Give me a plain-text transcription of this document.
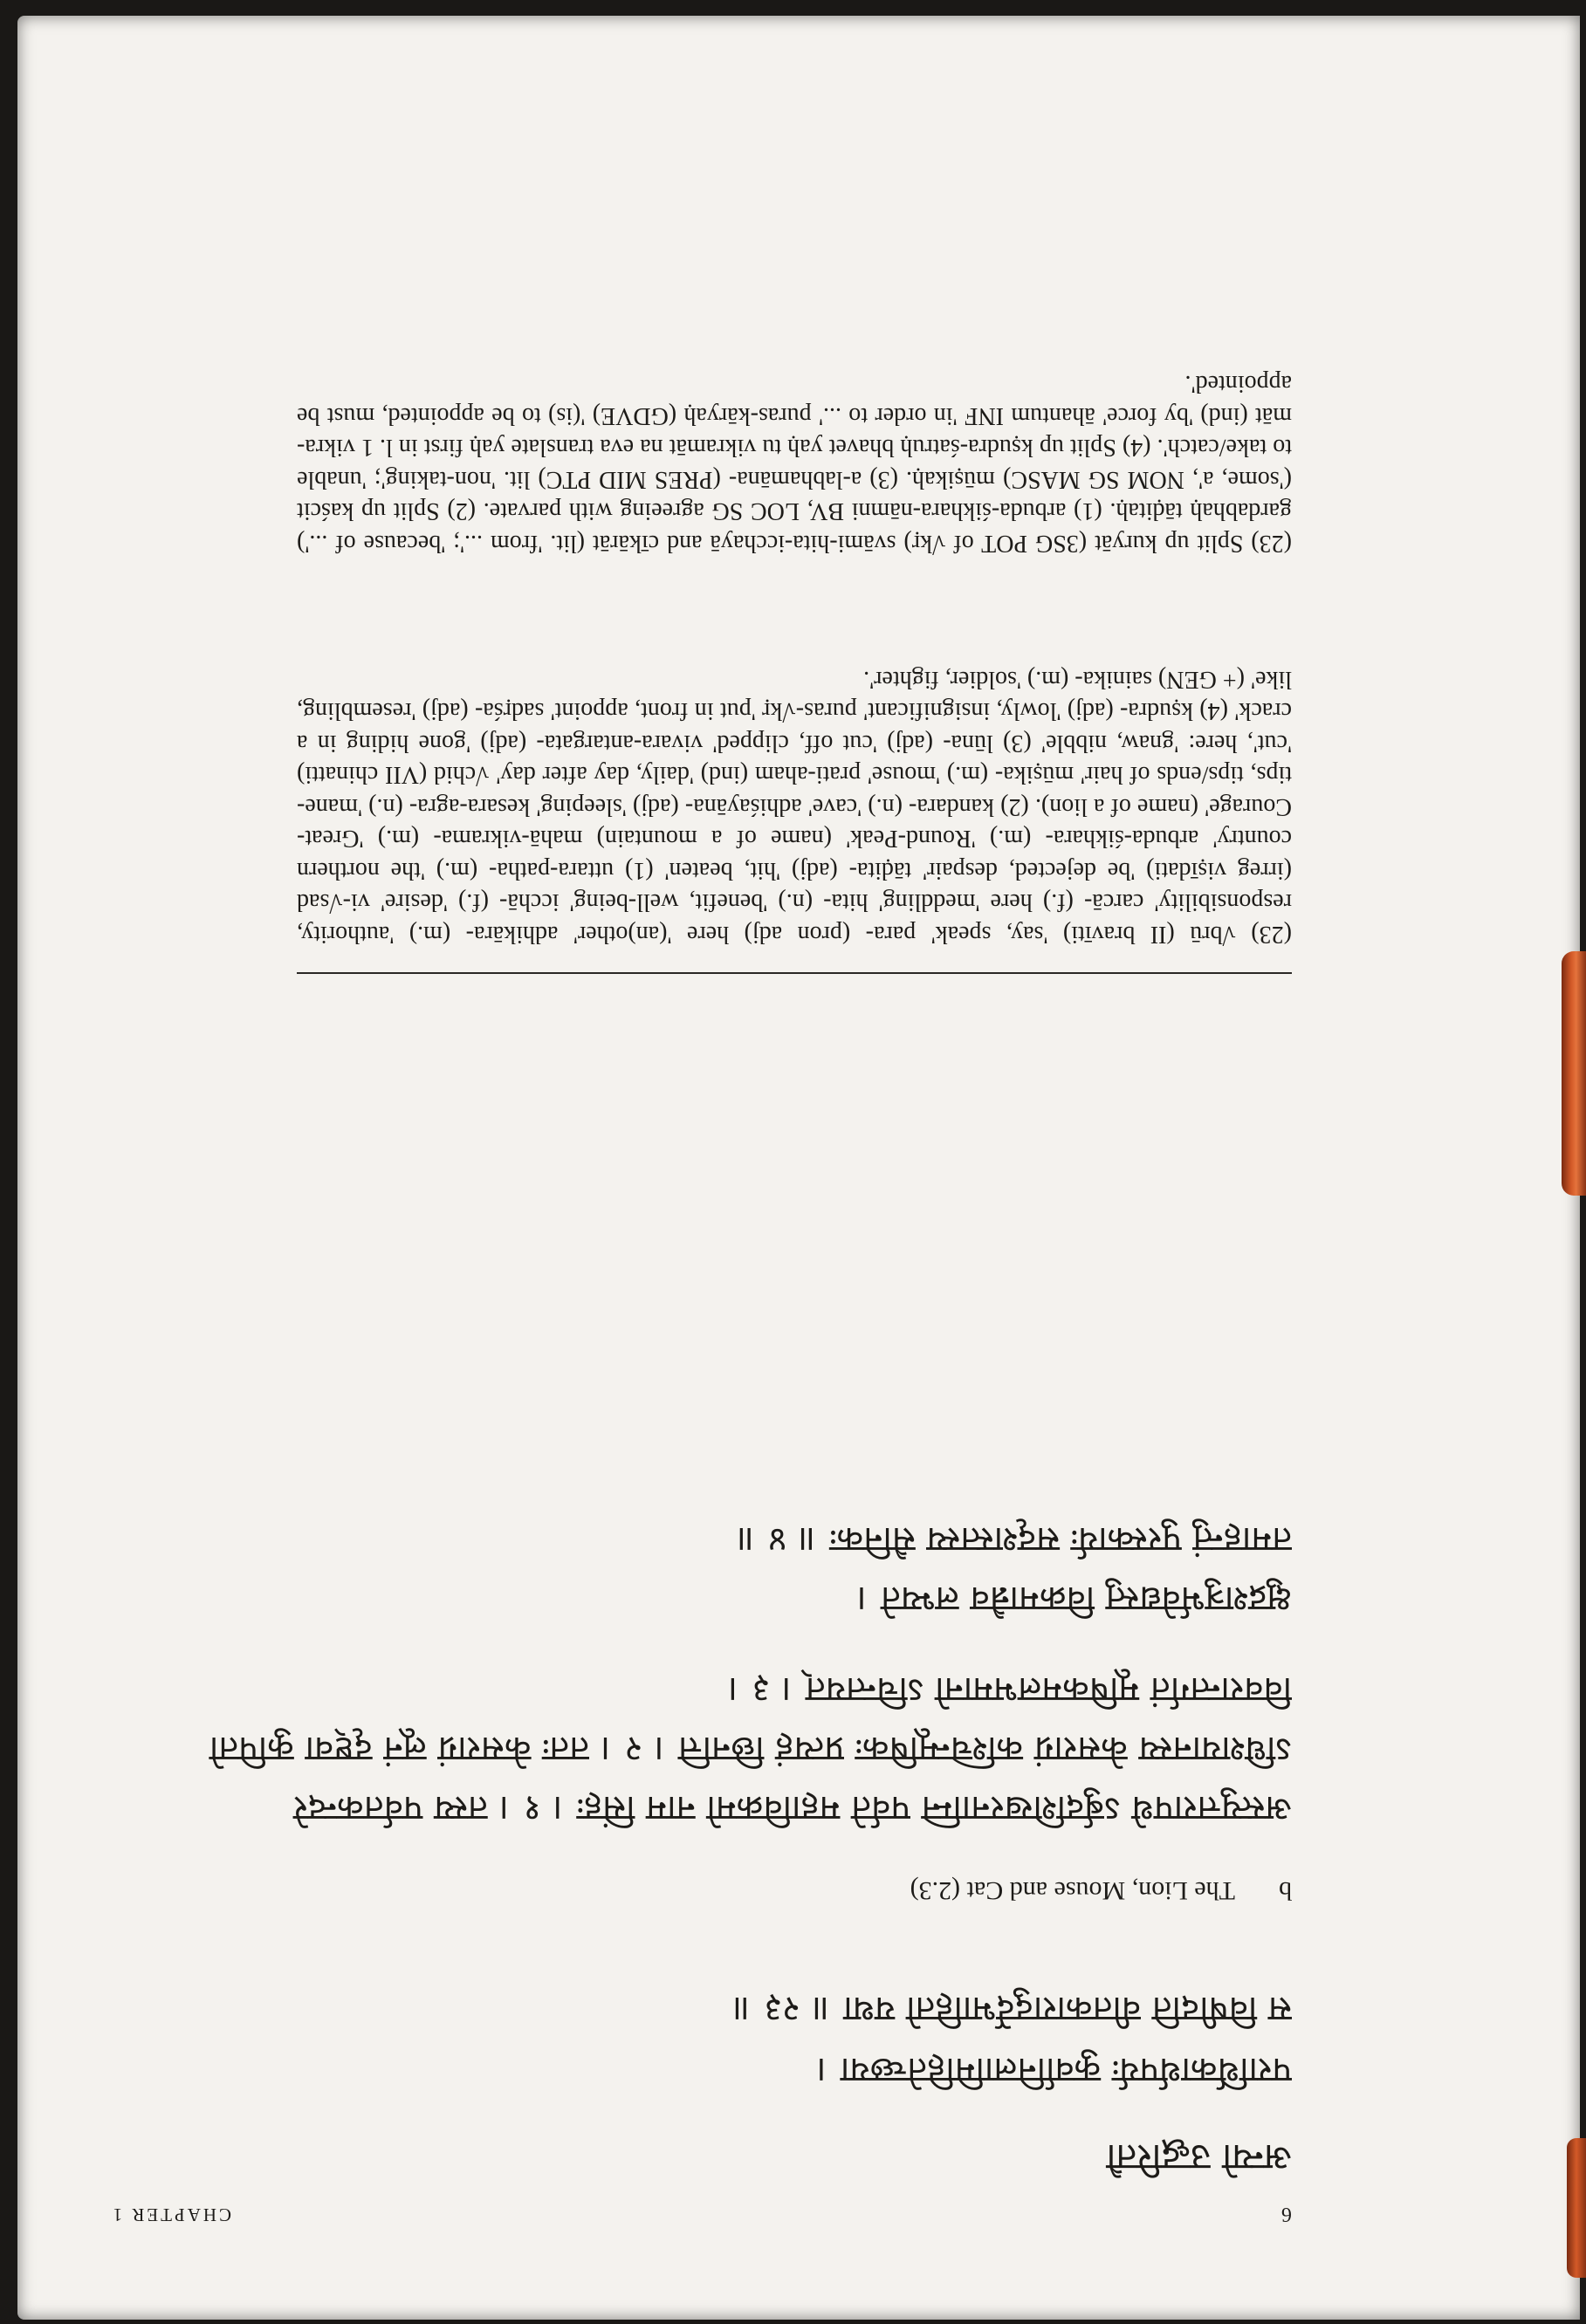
6
CHAPTER 1
अन्यो उद्धरितौ
परार्थिकार्थपर्यः कुर्वानिलामिहितेच्छया ।
स विषीदति वीतकारादुर्देभाहितो यथा ॥ २३ ॥
b
The Lion, Mouse and Cat (2.3)
अस्त्युत्तरापथे ऽर्बुदशिखरनाम्नि पर्वते महाविक्रमो नाम सिंहः । १ । तस्य पर्वतकन्दरे
ऽधिशयानस्य केसराग्रं कश्चिन्मूषिकः प्रत्यहं छिनत्ति । २ । ततः केसराग्रं लूनं दृष्ट्वा कुपितो
विवरान्तर्गतं मूषिकमलभमानो ऽचिन्तयत् । ३ ।
क्षुद्रशत्रुर्भवेद्यस्तु विक्रमान्नैव लभ्यते ।
तमाहन्तुं पुरस्कार्यः सदृशस्तस्य सैनिकः ॥ ४ ॥

(23) √brū (II bravīti) 'say, speak' para- (pron adj) here '(an)other' adhikāra- (m.) 'authority, responsibility' carcā- (f.) here 'meddling' hita- (n.) 'benefit, well-being' icchā- (f.) 'desire' vi-√sad (irreg viṣīdati) 'be dejected, despair' tāḍita- (adj) 'hit, beaten' (1) uttara-patha- (m.) 'the northern country' arbuda-śikhara- (m.) 'Round-Peak' (name of a mountain) mahā-vikrama- (m.) 'Great-Courage' (name of a lion). (2) kandara- (n.) 'cave' adhiśayāna- (adj) 'sleeping' kesara-agra- (n.) 'mane-tips, tips/ends of hair' mūṣika- (m.) 'mouse' prati-aham (ind) 'daily, day after day' √chid (VII chinatti) 'cut', here: 'gnaw, nibble' (3) lūna- (adj) 'cut off, clipped' vivara-antargata- (adj) 'gone hiding in a crack' (4) kṣudra- (adj) 'lowly, insignificant' puras-√kṛ 'put in front, appoint' sadṛśa- (adj) 'resembling, like' (+ GEN) sainika- (m.) 'soldier, fighter'.

(23) Split up kuryāt (3SG POT of √kṛ) svāmi-hita-icchayā and cīkārāt (lit. 'from ...'; 'because of ...') gardabhaḥ tāḍitaḥ. (1) arbuda-śikhara-nāmni BV, LOC SG agreeing with parvate. (2) Split up kaścit ('some, a', NOM SG MASC) mūṣikaḥ. (3) a-labhamāna- (PRES MID PTC) lit. 'non-taking'; 'unable to take/catch'. (4) Split up kṣudra-śatruḥ bhavet yaḥ tu vikramāt na eva translate yaḥ first in l. 1 vikra-māt (ind) 'by force' āhantum INF 'in order to ...' puras-kāryaḥ (GDVE) '(is) to be appointed, must be appointed'.
